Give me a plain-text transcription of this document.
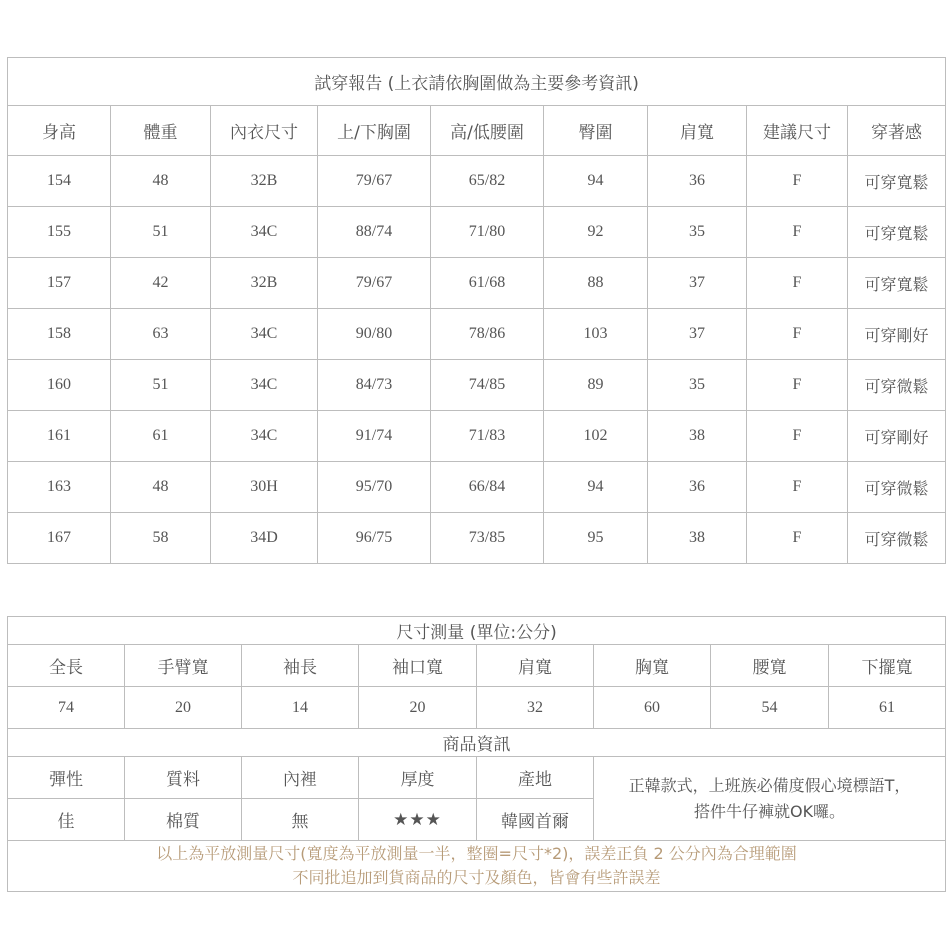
試穿報告 (上衣請依胸圍做為主要參考資訊)								
身高	體重	內衣尺寸	上/下胸圍	高/低腰圍	臀圍	肩寬	建議尺寸	穿著感
154	48	32B	79/67	65/82	94	36	F	可穿寬鬆
155	51	34C	88/74	71/80	92	35	F	可穿寬鬆
157	42	32B	79/67	61/68	88	37	F	可穿寬鬆
158	63	34C	90/80	78/86	103	37	F	可穿剛好
160	51	34C	84/73	74/85	89	35	F	可穿微鬆
161	61	34C	91/74	71/83	102	38	F	可穿剛好
163	48	30H	95/70	66/84	94	36	F	可穿微鬆
167	58	34D	96/75	73/85	95	38	F	可穿微鬆
尺寸測量 (單位:公分)							
全長	手臂寬	袖長	袖口寬	肩寬	胸寬	腰寬	下擺寬
74	20	14	20	32	60	54	61
商品資訊							
彈性	質料	內裡	厚度	產地	正韓款式，上班族必備度假心境標語T，
搭件牛仔褲就OK囉。		

佳	棉質	無	★★★	韓國首爾			

以上為平放測量尺寸(寬度為平放測量一半，整圈=尺寸*2)，誤差正負 2 公分內為合理範圍
不同批追加到貨商品的尺寸及顏色，皆會有些許誤差							
